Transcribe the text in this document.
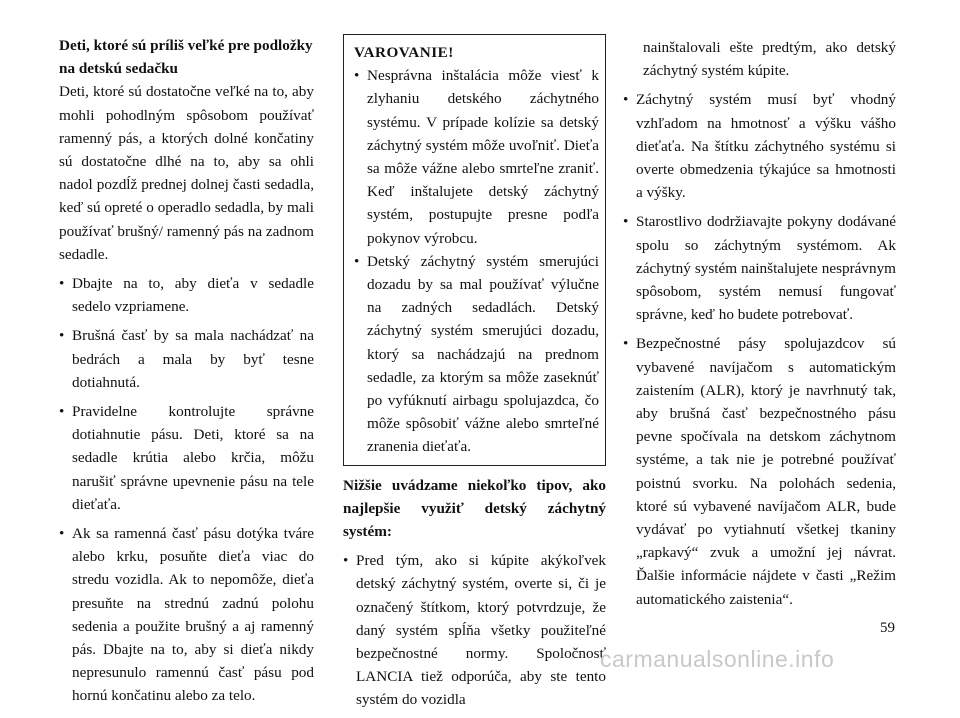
Deti, ktoré sú príliš veľké pre podložky na detskú sedačku

Deti, ktoré sú dostatočne veľké na to, aby mohli pohodlným spôsobom používať ramenný pás, a ktorých dolné končatiny sú dostatočne dlhé na to, aby sa ohli nadol pozdĺž prednej dolnej časti sedadla, keď sú opreté o operadlo sedadla, by mali používať brušný/ ramenný pás na zadnom sedadle.

• Dbajte na to, aby dieťa v sedadle sedelo vzpriamene.
• Brušná časť by sa mala nachádzať na bedrách a mala by byť tesne dotiahnutá.
• Pravidelne kontrolujte správne dotiahnutie pásu. Deti, ktoré sa na sedadle krútia alebo krčia, môžu narušiť správne upevnenie pásu na tele dieťaťa.
• Ak sa ramenná časť pásu dotýka tváre alebo krku, posuňte dieťa viac do stredu vozidla. Ak to nepomôže, dieťa presuňte na strednú zadnú polohu sedenia a použite brušný a aj ramenný pás. Dbajte na to, aby si dieťa nikdy nepresunulo ramennú časť pásu pod hornú končatinu alebo za telo.

VAROVANIE!

• Nesprávna inštalácia môže viesť k zlyhaniu detského záchytného systému. V prípade kolízie sa detský záchytný systém môže uvoľniť. Dieťa sa môže vážne alebo smrteľne zraniť. Keď inštalujete detský záchytný systém, postupujte presne podľa pokynov výrobcu.
• Detský záchytný systém smerujúci dozadu by sa mal používať výlučne na zadných sedadlách. Detský záchytný systém smerujúci dozadu, ktorý sa nachádzajú na prednom sedadle, za ktorým sa môže zaseknúť po vyfúknutí airbagu spolujazdca, čo môže spôsobiť vážne alebo smrteľné zranenia dieťaťa.
Nižšie uvádzame niekoľko tipov, ako najlepšie využiť detský záchytný systém:
• Pred tým, ako si kúpite akýkoľvek detský záchytný systém, overte si, či je označený štítkom, ktorý potvrdzuje, že daný systém spĺňa všetky použiteľné bezpečnostné normy. Spoločnosť LANCIA tiež odporúča, aby ste tento systém do vozidla

nainštalovali ešte predtým, ako detský záchytný systém kúpite.

• Záchytný systém musí byť vhodný vzhľadom na hmotnosť a výšku vášho dieťaťa. Na štítku záchytného systému si overte obmedzenia týkajúce sa hmotnosti a výšky.
• Starostlivo dodržiavajte pokyny dodávané spolu so záchytným systémom. Ak záchytný systém nainštalujete nesprávnym spôsobom, systém nemusí fungovať správne, keď ho budete potrebovať.
• Bezpečnostné pásy spolujazdcov sú vybavené navíjačom s automatickým zaistením (ALR), ktorý je navrhnutý tak, aby brušná časť bezpečnostného pásu pevne spočívala na detskom záchytnom systéme, a tak nie je potrebné používať poistnú svorku. Na polohách sedenia, ktoré sú vybavené navíjačom ALR, bude vydávať po vytiahnutí všetkej tkaniny „rapkavý“ zvuk a umožní jej návrat. Ďalšie informácie nájdete v časti „Režim automatického zaistenia“.
59
carmanualsonline.info
